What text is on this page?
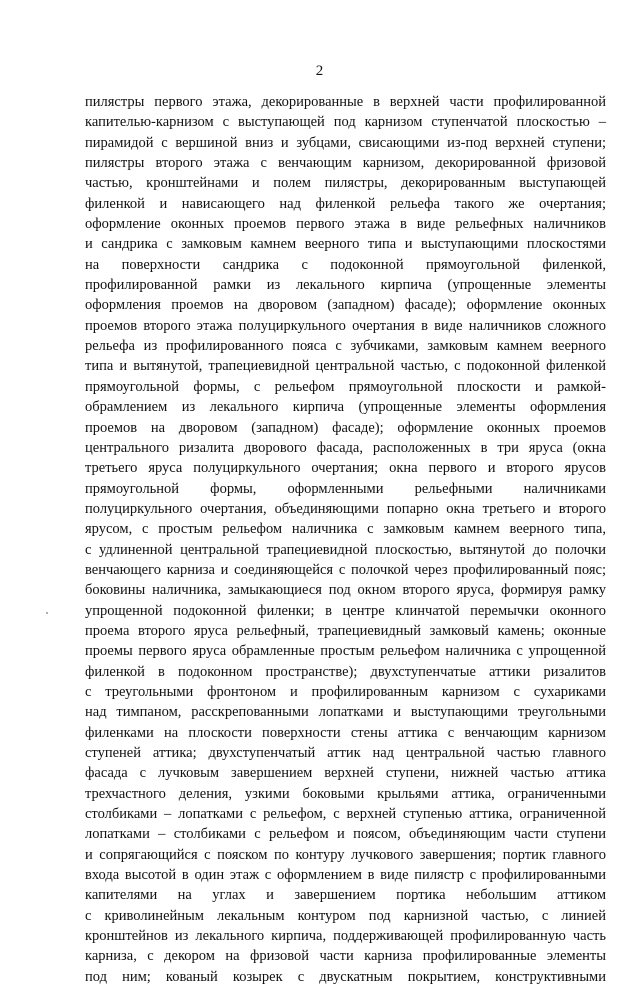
2
пилястры первого этажа, декорированные в верхней части профилированной
капителью-карнизом с выступающей под карнизом ступенчатой плоскостью –
пирамидой с вершиной вниз и зубцами, свисающими из-под верхней ступени;
пилястры второго этажа с венчающим карнизом, декорированной фризовой
частью, кронштейнами и полем пилястры, декорированным выступающей
филенкой и нависающего над филенкой рельефа такого же очертания;
оформление оконных проемов первого этажа в виде рельефных наличников
и сандрика с замковым камнем веерного типа и выступающими плоскостями
на поверхности сандрика с подоконной прямоугольной филенкой,
профилированной рамки из лекального кирпича (упрощенные элементы
оформления проемов на дворовом (западном) фасаде); оформление оконных
проемов второго этажа полуциркульного очертания в виде наличников сложного
рельефа из профилированного пояса с зубчиками, замковым камнем веерного
типа и вытянутой, трапециевидной центральной частью, с подоконной филенкой
прямоугольной формы, с рельефом прямоугольной плоскости и рамкой-
обрамлением из лекального кирпича (упрощенные элементы оформления
проемов на дворовом (западном) фасаде); оформление оконных проемов
центрального ризалита дворового фасада, расположенных в три яруса (окна
третьего яруса полуциркульного очертания; окна первого и второго ярусов
прямоугольной формы, оформленными рельефными наличниками
полуциркульного очертания, объединяющими попарно окна третьего и второго
ярусом, с простым рельефом наличника с замковым камнем веерного типа,
с удлиненной центральной трапециевидной плоскостью, вытянутой до полочки
венчающего карниза и соединяющейся с полочкой через профилированный пояс;
боковины наличника, замыкающиеся под окном второго яруса, формируя рамку
упрощенной подоконной филенки; в центре клинчатой перемычки оконного
проема второго яруса рельефный, трапециевидный замковый камень; оконные
проемы первого яруса обрамленные простым рельефом наличника с упрощенной
филенкой в подоконном пространстве); двухступенчатые аттики ризалитов
с треугольными фронтоном и профилированным карнизом с сухариками
над тимпаном, расскрепованными лопатками и выступающими треугольными
филенками на плоскости поверхности стены аттика с венчающим карнизом
ступеней аттика; двухступенчатый аттик над центральной частью главного
фасада с лучковым завершением верхней ступени, нижней частью аттика
трехчастного деления, узкими боковыми крыльями аттика, ограниченными
столбиками – лопатками с рельефом, с верхней ступенью аттика, ограниченной
лопатками – столбиками с рельефом и поясом, объединяющим части ступени
и сопрягающийся с пояском по контуру лучкового завершения; портик главного
входа высотой в один этаж с оформлением в виде пилястр с профилированными
капителями на углах и завершением портика небольшим аттиком
с криволинейным лекальным контуром под карнизной частью, с линией
кронштейнов из лекального кирпича, поддерживающей профилированную часть
карниза, с декором на фризовой части карниза профилированные элементы
под ним; кованый козырек с двускатным покрытием, конструктивными
